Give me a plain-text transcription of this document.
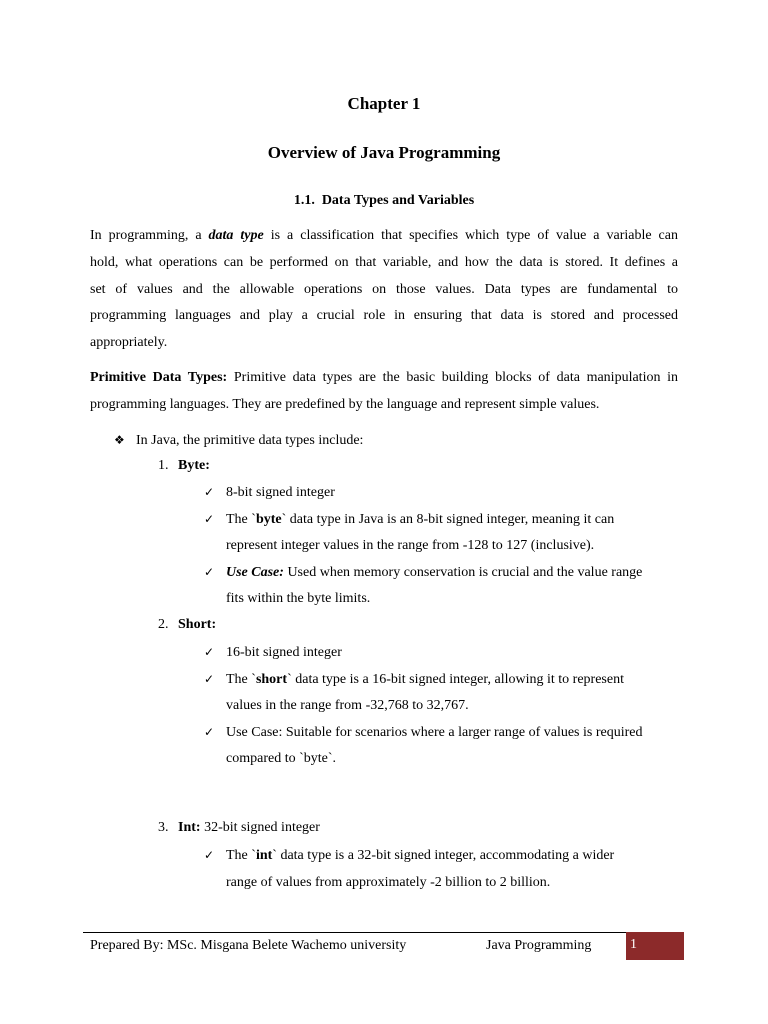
Chapter 1
Overview of Java Programming
1.1. Data Types and Variables
In programming, a data type is a classification that specifies which type of value a variable can
hold, what operations can be performed on that variable, and how the data is stored. It defines a
set of values and the allowable operations on those values. Data types are fundamental to
programming languages and play a crucial role in ensuring that data is stored and processed
appropriately.
Primitive Data Types: Primitive data types are the basic building blocks of data manipulation in
programming languages. They are predefined by the language and represent simple values.
❖ In Java, the primitive data types include:
1. Byte:
✓ 8-bit signed integer
✓ The `byte` data type in Java is an 8-bit signed integer, meaning it can
represent integer values in the range from -128 to 127 (inclusive).
✓ Use Case: Used when memory conservation is crucial and the value range
fits within the byte limits.
2. Short:
✓ 16-bit signed integer
✓ The `short` data type is a 16-bit signed integer, allowing it to represent
values in the range from -32,768 to 32,767.
✓ Use Case: Suitable for scenarios where a larger range of values is required
compared to `byte`.
3. Int: 32-bit signed integer
✓ The `int` data type is a 32-bit signed integer, accommodating a wider
range of values from approximately -2 billion to 2 billion.
Prepared By: MSc. Misgana Belete Wachemo university	Java Programming	1
